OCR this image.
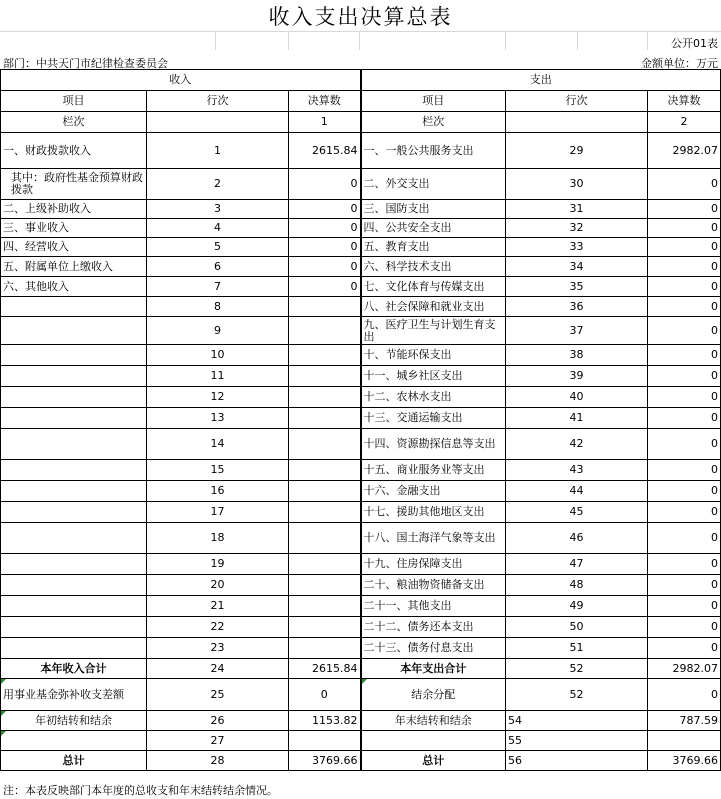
收入支出决算总表
公开01表
部门：中共天门市纪律检查委员会	金额单位：万元
收入			支出		
项目	行次	决算数	项目	行次	决算数
栏次		1	栏次		2
一、财政拨款收入	1	2615.84	一、一般公共服务支出	29	2982.07
其中：政府性基金预算财政拨款	2	0	二、外交支出	30	0
二、上级补助收入	3	0	三、国防支出	31	0
三、事业收入	4	0	四、公共安全支出	32	0
四、经营收入	5	0	五、教育支出	33	0
五、附属单位上缴收入	6	0	六、科学技术支出	34	0
六、其他收入	7	0	七、文化体育与传媒支出	35	0
	8		八、社会保障和就业支出	36	0
	9		九、医疗卫生与计划生育支出	37	0
	10		十、节能环保支出	38	0
	11		十一、城乡社区支出	39	0
	12		十二、农林水支出	40	0
	13		十三、交通运输支出	41	0
	14		十四、资源勘探信息等支出	42	0
	15		十五、商业服务业等支出	43	0
	16		十六、金融支出	44	0
	17		十七、援助其他地区支出	45	0
	18		十八、国土海洋气象等支出	46	0
	19		十九、住房保障支出	47	0
	20		二十、粮油物资储备支出	48	0
	21		二十一、其他支出	49	0
	22		二十二、债务还本支出	50	0
	23		二十三、债务付息支出	51	0
本年收入合计	24	2615.84	本年支出合计	52	2982.07
用事业基金弥补收支差额	25	0	结余分配	52	0
年初结转和结余	26	1153.82	年末结转和结余	54	787.59
	27			55	
总计	28	3769.66	总计	56	3769.66
注：本表反映部门本年度的总收支和年末结转结余情况。
